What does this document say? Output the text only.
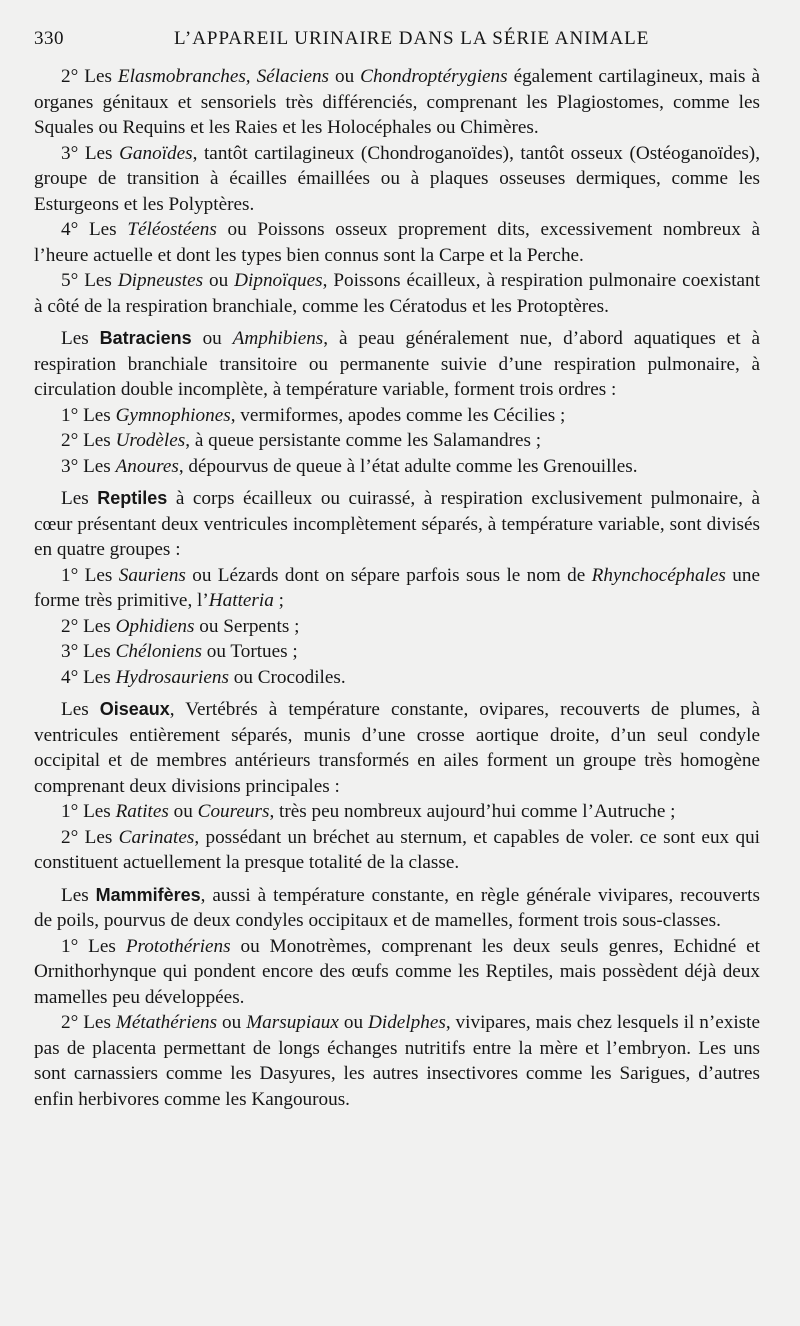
330	L’APPAREIL URINAIRE DANS LA SÉRIE ANIMALE

2° Les Elasmobranches, Sélaciens ou Chondroptérygiens également cartilagineux, mais à organes génitaux et sensoriels très différenciés, comprenant les Plagiostomes, comme les Squales ou Requins et les Raies et les Holocéphales ou Chimères.

3° Les Ganoïdes, tantôt cartilagineux (Chondroganoïdes), tantôt osseux (Ostéoganoïdes), groupe de transition à écailles émaillées ou à plaques osseuses dermiques, comme les Esturgeons et les Polyptères.

4° Les Téléostéens ou Poissons osseux proprement dits, excessivement nombreux à l’heure actuelle et dont les types bien connus sont la Carpe et la Perche.

5° Les Dipneustes ou Dipnoïques, Poissons écailleux, à respiration pulmonaire coexistant à côté de la respiration branchiale, comme les Cératodus et les Protoptères.

Les Batraciens ou Amphibiens, à peau généralement nue, d’abord aquatiques et à respiration branchiale transitoire ou permanente suivie d’une respiration pulmonaire, à circulation double incomplète, à température variable, forment trois ordres :

1° Les Gymnophiones, vermiformes, apodes comme les Cécilies ;

2° Les Urodèles, à queue persistante comme les Salamandres ;

3° Les Anoures, dépourvus de queue à l’état adulte comme les Grenouilles.

Les Reptiles à corps écailleux ou cuirassé, à respiration exclusivement pulmonaire, à cœur présentant deux ventricules incomplètement séparés, à température variable, sont divisés en quatre groupes :

1° Les Sauriens ou Lézards dont on sépare parfois sous le nom de Rhynchocéphales une forme très primitive, l’Hatteria ;

2° Les Ophidiens ou Serpents ;

3° Les Chéloniens ou Tortues ;

4° Les Hydrosauriens ou Crocodiles.

Les Oiseaux, Vertébrés à température constante, ovipares, recouverts de plumes, à ventricules entièrement séparés, munis d’une crosse aortique droite, d’un seul condyle occipital et de membres antérieurs transformés en ailes forment un groupe très homogène comprenant deux divisions principales :

1° Les Ratites ou Coureurs, très peu nombreux aujourd’hui comme l’Autruche ;

2° Les Carinates, possédant un bréchet au sternum, et capables de voler. ce sont eux qui constituent actuellement la presque totalité de la classe.

Les Mammifères, aussi à température constante, en règle générale vivipares, recouverts de poils, pourvus de deux condyles occipitaux et de mamelles, forment trois sous-classes.

1° Les Protothériens ou Monotrèmes, comprenant les deux seuls genres, Echidné et Ornithorhynque qui pondent encore des œufs comme les Reptiles, mais possèdent déjà deux mamelles peu développées.

2° Les Métathériens ou Marsupiaux ou Didelphes, vivipares, mais chez lesquels il n’existe pas de placenta permettant de longs échanges nutritifs entre la mère et l’embryon. Les uns sont carnassiers comme les Dasyures, les autres insectivores comme les Sarigues, d’autres enfin herbivores comme les Kangourous.
